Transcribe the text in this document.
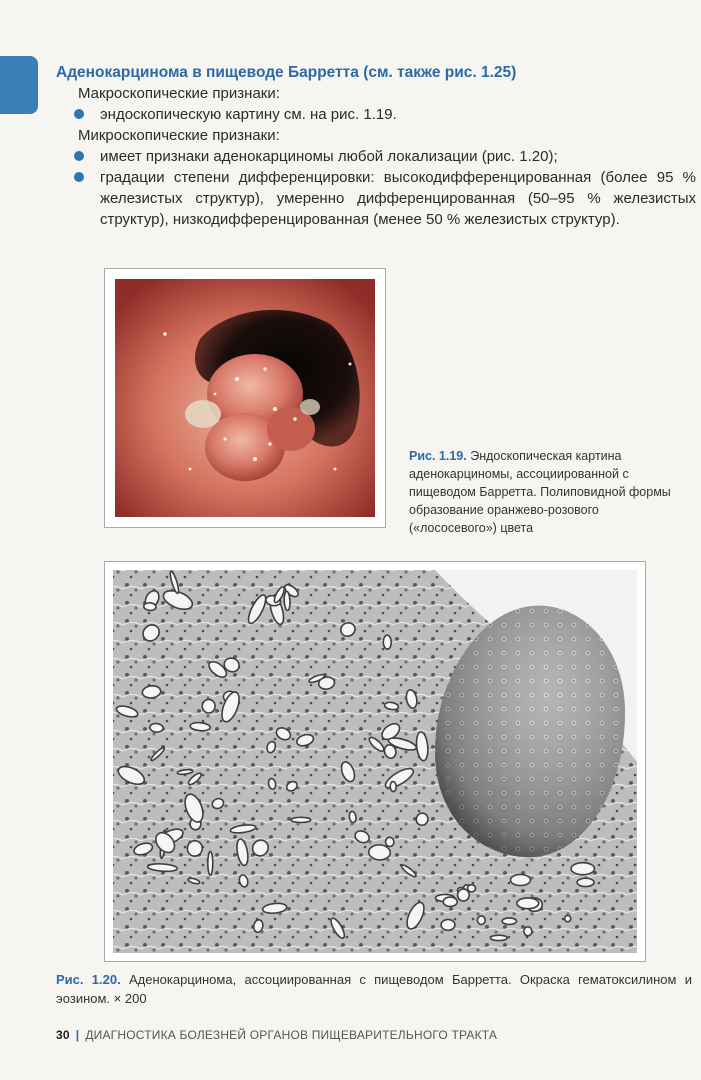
Аденокарцинома в пищеводе Барретта (см. также рис. 1.25)
Макроскопические признаки:
эндоскопическую картину см. на рис. 1.19.
Микроскопические признаки:
имеет признаки аденокарциномы любой локализации (рис. 1.20);
градации степени дифференцировки: высокодифференцированная (более 95 % железистых структур), умеренно дифференцированная (50–95 % железистых структур), низкодифференцированная (менее 50 % железистых структур).
Рис. 1.19. Эндоскопическая картина аденокарциномы, ассоциированной с пищеводом Барретта. Полиповидной формы образование оранжево-розового («лососевого») цвета
Рис. 1.20. Аденокарцинома, ассоциированная с пищеводом Барретта. Окраска гематоксилином и эозином. × 200
30 | ДИАГНОСТИКА БОЛЕЗНЕЙ ОРГАНОВ ПИЩЕВАРИТЕЛЬНОГО ТРАКТА
